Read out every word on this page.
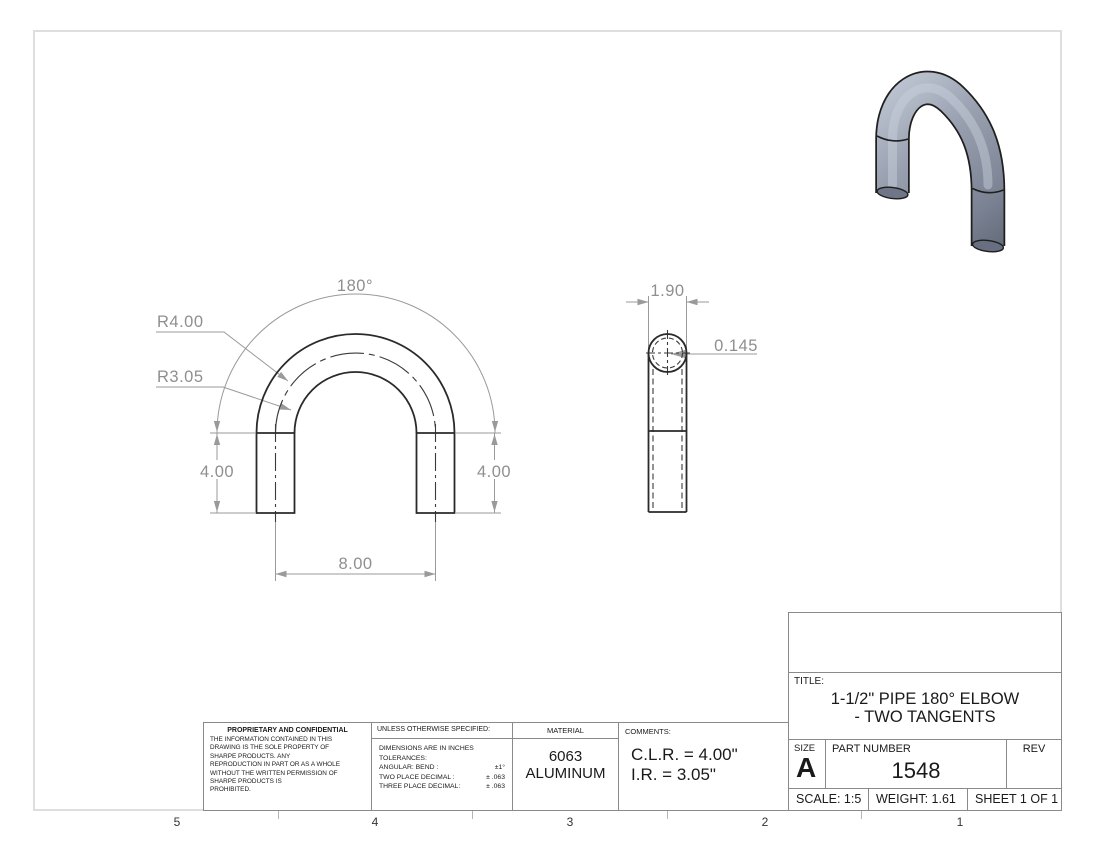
180°
R4.00
R3.05
4.00	4.00
8.00
1.90
0.145
PROPRIETARY AND CONFIDENTIAL
THE INFORMATION CONTAINED IN THIS
DRAWING IS THE SOLE PROPERTY OF
SHARPE PRODUCTS. ANY
REPRODUCTION IN PART OR AS A WHOLE
WITHOUT THE WRITTEN PERMISSION OF
SHARPE PRODUCTS IS
PROHIBITED.
UNLESS OTHERWISE SPECIFIED:
DIMENSIONS ARE IN INCHES
TOLERANCES:
ANGULAR: BEND :	±1°
TWO PLACE DECIMAL :	± .063
THREE PLACE DECIMAL:	± .063
MATERIAL
6063
ALUMINUM
COMMENTS:
C.L.R. = 4.00"
I.R. = 3.05"
TITLE:
1-1/2" PIPE 180° ELBOW
- TWO TANGENTS
SIZE
A
PART NUMBER
1548
REV
SCALE: 1:5	WEIGHT: 1.61	SHEET 1 OF 1
5	4	3	2	1
